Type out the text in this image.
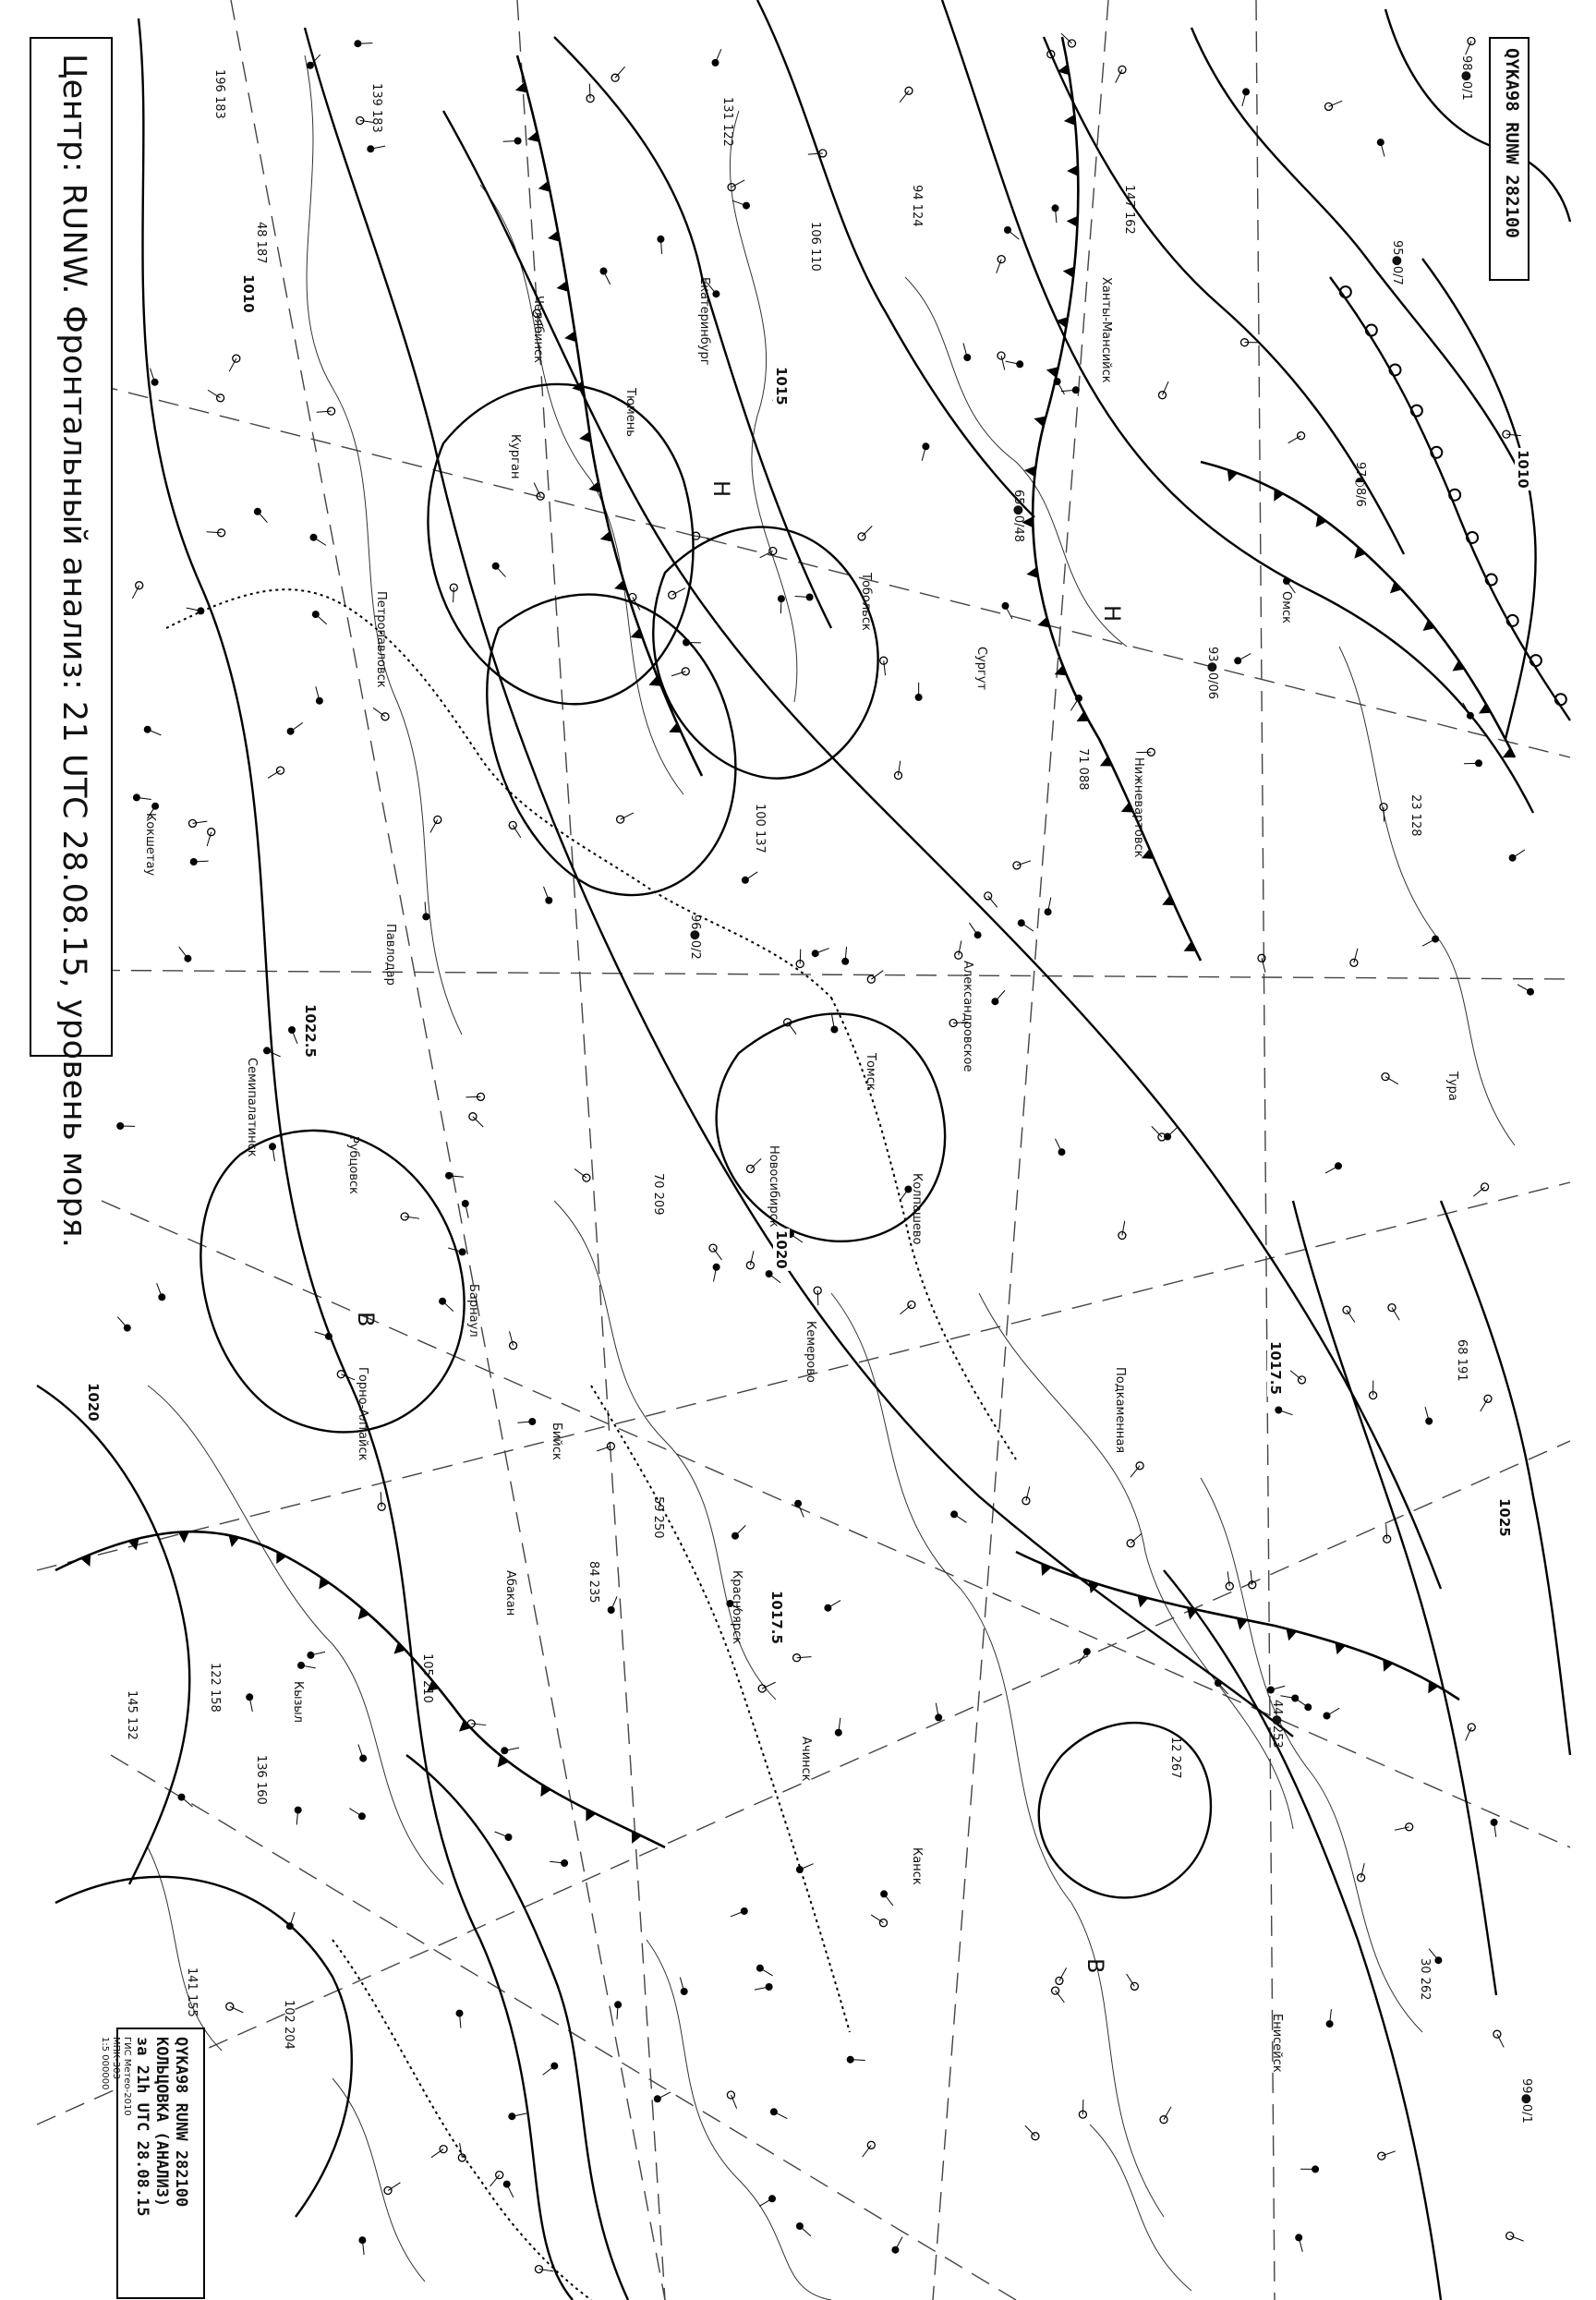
Центр: RUNW. Фронтальный анализ: 21 UTC 28.08.15, уровень моря.	QYKA98 RUNW 282100
QYKA98 RUNW 282100
КОЛЬЦОВКА (АНАЛИЗ)
за 21h UTC 28.08.15
ГИС Метео-2010
МПК-303
1:5 000000
1015
1017.5
1020
1022.5
1020
1010
1025
1010
1017.5
Н
Н
В
В
Екатеринбург
Тобольск	Омск
Новосибирск
Кемерово
Барнаул
Семипалатинск
Павлодар
Томск	Александровское
Колпашево
Подкаменная
Красноярск
Абакан
Кызыл
Енисейск
Ханты-Мансийск
Тура
Ачинск
Канск
Горно-Алтайск	Бийск
Рубцовск
Кокшетау
Петропавловск
Курган
Тюмень
Челябинск
Сургут
Нижневартовск
98●0/1
95●0/7
97◐8/6
93●0/06
65●0/48
100 137
96●0/2
70 209
84 235
59 250
105 210
12 267
44●253
30 262
99●0/1
102 204
136 160
141 155
145 132
122 158
48 187
196 183	139 183	131 122
106 110
94 124	147 162
71 088
23 128
68 191
